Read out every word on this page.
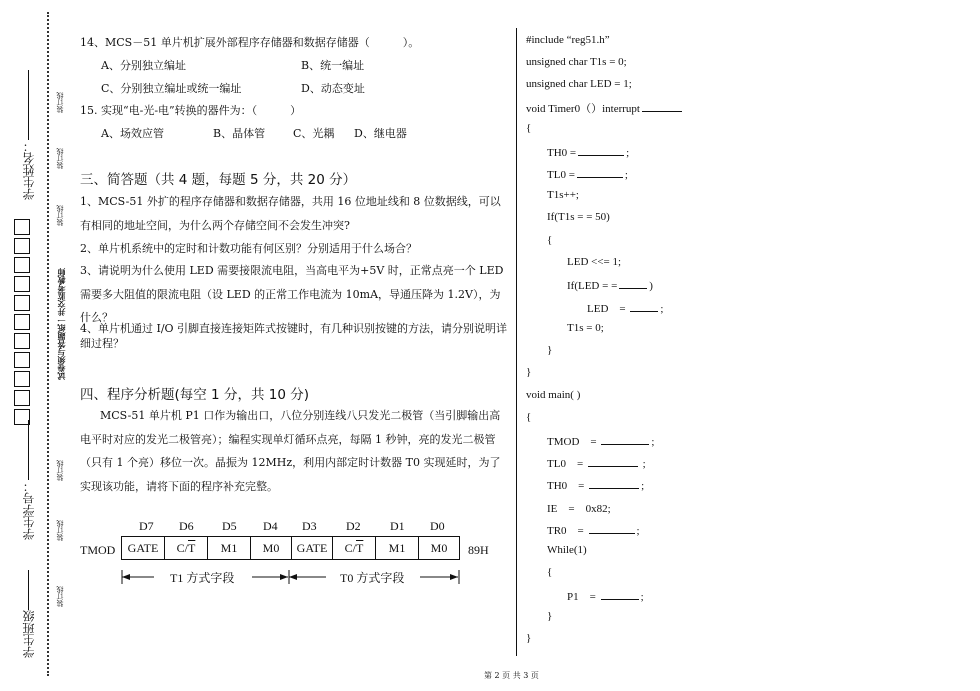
学生班级
学生学号：
学生姓名：
装订线
装订线
装订线
试卷须与答题纸一并交监考教师
装订线
装订线
装订线
14、MCS－51 单片机扩展外部程序存储器和数据存储器（　　　）。
A、分别独立编址	B、统一编址
C、分别独立编址或统一编址	D、动态变址
15. 实现“电-光-电”转换的器件为：（　　　）
A、场效应管	B、晶体管	C、光耦 D、继电器
三、简答题（共 4 题，每题 5 分，共 20 分）
1、MCS-51 外扩的程序存储器和数据存储器，共用 16 位地址线和 8 位数据线，可以有相同的地址空间，为什么两个存储空间不会发生冲突?
2、单片机系统中的定时和计数功能有何区别？分别适用于什么场合？
3、请说明为什么使用 LED 需要接限流电阻，当高电平为+5V 时，正常点亮一个 LED 需要多大阻值的限流电阻（设 LED 的正常工作电流为 10mA，导通压降为 1.2V），为什么？
4、单片机通过 I/O 引脚直接连接矩阵式按键时，有几种识别按键的方法，请分别说明详细过程？
四、程序分析题(每空 1 分，共 10 分)
MCS-51 单片机 P1 口作为输出口，八位分别连线八只发光二极管（当引脚输出高电平时对应的发光二极管亮）；编程实现单灯循环点亮，每隔 1 秒钟，亮的发光二极管（只有 1 个亮）移位一次。晶振为 12MHz，利用内部定时计数器 T0 实现延时，为了实现该功能，请将下面的程序补充完整。
D7 D6 D5 D4 D3 D2 D1 D0
TMOD GATE	$C/\overline{T}$	M1	M0	GATE	$C/\overline{T}$	M1	M0 89H
T1 方式字段	T0 方式字段
#include “reg51.h”
unsigned char T1s = 0;
unsigned char LED = 1;
void Timer0（）interrupt
{
TH0 =	;
TL0 =	;
T1s++;
If(T1s = = 50)
{
LED <<= 1;
If(LED = =	)
LED　=	;
T1s = 0;
}
}
void main( )
{
TMOD　=	;
TL0　=	;
TH0　=	;
IE　=　0x82;
TR0　=	;
While(1)
{
P1　=	;
}
}
第 2 页 共 3 页
